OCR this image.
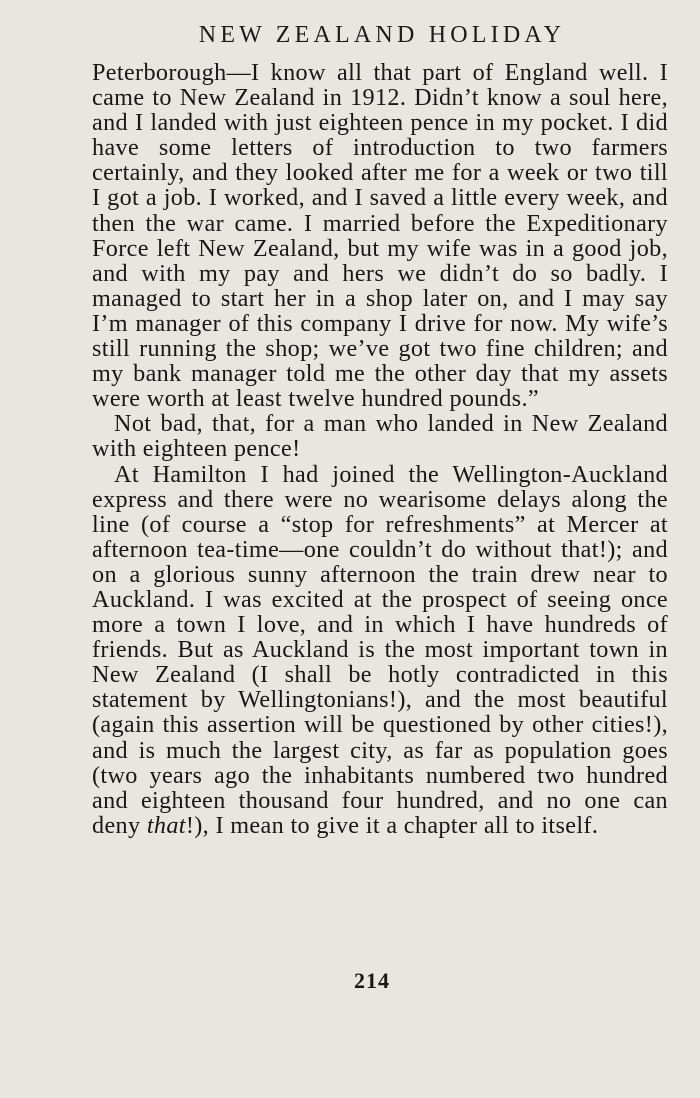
NEW ZEALAND HOLIDAY

Peterborough—I know all that part of England well. I came to New Zealand in 1912. Didn’t know a soul here, and I landed with just eighteen pence in my pocket. I did have some letters of introduction to two farmers certainly, and they looked after me for a week or two till I got a job. I worked, and I saved a little every week, and then the war came. I married before the Expeditionary Force left New Zealand, but my wife was in a good job, and with my pay and hers we didn’t do so badly. I managed to start her in a shop later on, and I may say I’m manager of this company I drive for now. My wife’s still running the shop; we’ve got two fine children; and my bank manager told me the other day that my assets were worth at least twelve hundred pounds.”

Not bad, that, for a man who landed in New Zealand with eighteen pence!

At Hamilton I had joined the Wellington-Auckland express and there were no wearisome delays along the line (of course a “stop for refreshments” at Mercer at afternoon tea-time—one couldn’t do without that!); and on a glorious sunny afternoon the train drew near to Auckland. I was excited at the prospect of seeing once more a town I love, and in which I have hundreds of friends. But as Auckland is the most important town in New Zealand (I shall be hotly contradicted in this statement by Wellingtonians!), and the most beautiful (again this assertion will be questioned by other cities!), and is much the largest city, as far as population goes (two years ago the inhabitants numbered two hundred and eighteen thousand four hundred, and no one can deny that!), I mean to give it a chapter all to itself.

214
